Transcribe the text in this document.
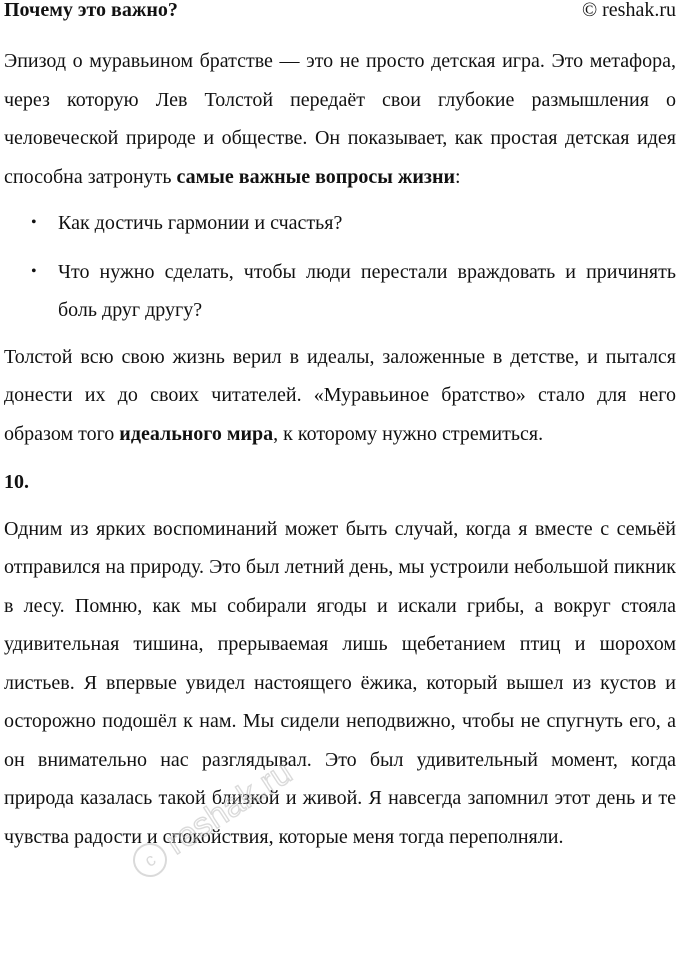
Почему это важно?	© reshak.ru

Эпизод о муравьином братстве — это не просто детская игра. Это метафора, через которую Лев Толстой передаёт свои глубокие размышления о человеческой природе и обществе. Он показывает, как простая детская идея способна затронуть самые важные вопросы жизни:

• Как достичь гармонии и счастья?
• Что нужно сделать, чтобы люди перестали враждовать и причинять боль друг другу?

Толстой всю свою жизнь верил в идеалы, заложенные в детстве, и пытался донести их до своих читателей. «Муравьиное братство» стало для него образом того идеального мира, к которому нужно стремиться.

10.

Одним из ярких воспоминаний может быть случай, когда я вместе с семьёй отправился на природу. Это был летний день, мы устроили небольшой пикник в лесу. Помню, как мы собирали ягоды и искали грибы, а вокруг стояла удивительная тишина, прерываемая лишь щебетанием птиц и шорохом листьев. Я впервые увидел настоящего ёжика, который вышел из кустов и осторожно подошёл к нам. Мы сидели неподвижно, чтобы не спугнуть его, а он внимательно нас разглядывал. Это был удивительный момент, когда природа казалась такой близкой и живой. Я навсегда запомнил этот день и те чувства радости и спокойствия, которые меня тогда переполняли.

c reshak.ru
